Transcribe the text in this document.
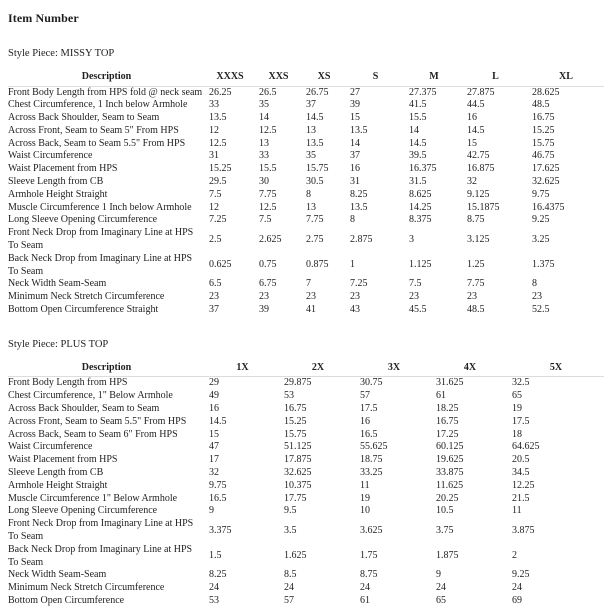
Item Number
Style Piece: MISSY TOP
Description	XXXS	XXS	XS	S	M	L	XL
Front Body Length from HPS fold @ neck seam	26.25	26.5	26.75	27	27.375	27.875	28.625
Chest Circumference, 1 Inch below Armhole	33	35	37	39	41.5	44.5	48.5
Across Back Shoulder, Seam to Seam	13.5	14	14.5	15	15.5	16	16.75
Across Front, Seam to Seam 5" From HPS	12	12.5	13	13.5	14	14.5	15.25
Across Back, Seam to Seam 5.5" From HPS	12.5	13	13.5	14	14.5	15	15.75
Waist Circumference	31	33	35	37	39.5	42.75	46.75
Waist Placement from HPS	15.25	15.5	15.75	16	16.375	16.875	17.625
Sleeve Length from CB	29.5	30	30.5	31	31.5	32	32.625
Armhole Height Straight	7.5	7.75	8	8.25	8.625	9.125	9.75
Muscle Circumference 1 Inch below Armhole	12	12.5	13	13.5	14.25	15.1875	16.4375
Long Sleeve Opening Circumference	7.25	7.5	7.75	8	8.375	8.75	9.25
Front Neck Drop from Imaginary Line at HPS To Seam	2.5	2.625	2.75	2.875	3	3.125	3.25
Back Neck Drop from Imaginary Line at HPS To Seam	0.625	0.75	0.875	1	1.125	1.25	1.375
Neck Width Seam-Seam	6.5	6.75	7	7.25	7.5	7.75	8
Minimum Neck Stretch Circumference	23	23	23	23	23	23	23
Bottom Open Circumference Straight	37	39	41	43	45.5	48.5	52.5
Style Piece: PLUS TOP
Description	1X	2X	3X	4X	5X
Front Body Length from HPS	29	29.875	30.75	31.625	32.5
Chest Circumference, 1" Below Armhole	49	53	57	61	65
Across Back Shoulder, Seam to Seam	16	16.75	17.5	18.25	19
Across Front, Seam to Seam 5.5" From HPS	14.5	15.25	16	16.75	17.5
Across Back, Seam to Seam 6" From HPS	15	15.75	16.5	17.25	18
Waist Circumference	47	51.125	55.625	60.125	64.625
Waist Placement from HPS	17	17.875	18.75	19.625	20.5
Sleeve Length from CB	32	32.625	33.25	33.875	34.5
Armhole Height Straight	9.75	10.375	11	11.625	12.25
Muscle Circumference 1" Below Armhole	16.5	17.75	19	20.25	21.5
Long Sleeve Opening Circumference	9	9.5	10	10.5	11
Front Neck Drop from Imaginary Line at HPS To Seam	3.375	3.5	3.625	3.75	3.875
Back Neck Drop from Imaginary Line at HPS To Seam	1.5	1.625	1.75	1.875	2
Neck Width Seam-Seam	8.25	8.5	8.75	9	9.25
Minimum Neck Stretch Circumference	24	24	24	24	24
Bottom Open Circumference	53	57	61	65	69
